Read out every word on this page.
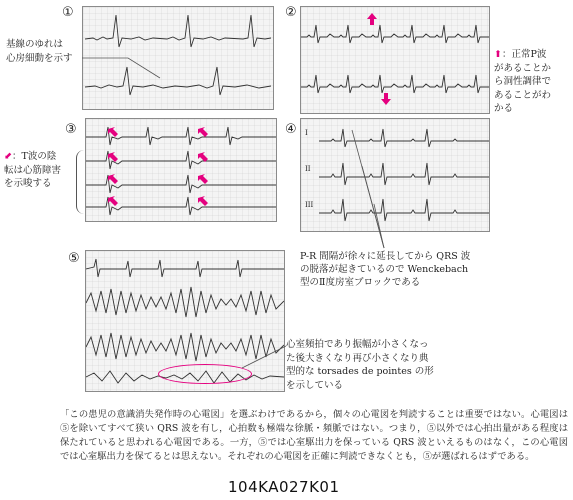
①
基線のゆれは
心房細動を示す
②
⬆︎：正常P波
があることか
ら洞性調律で
あることがわ
かる
③
⬋：T波の陰
転は心筋障害
を示唆する
④ I
II
III
P-R 間隔が徐々に延長してから QRS 波
の脱落が起きているので Wenckebach
型のⅡ度房室ブロックである
⑤
心室頻拍であり振幅が小さくなっ
た後大きくなり再び小さくなり典
型的な torsades de pointes の形
を示している
「この患児の意識消失発作時の心電図」を選ぶわけであるから，個々の心電図を判読することは重要ではない。心電図は⑤を除いてすべて狭い QRS 波を有し，心拍数も極端な徐脈・頻脈ではない。つまり，⑤以外では心拍出量がある程度は保たれていると思われる心電図である。一方，⑤では心室駆出力を保っている QRS 波といえるものはなく，この心電図では心室駆出力を保てるとは思えない。それぞれの心電図を正確に判読できなくとも，⑤が選ばれるはずである。
104KA027K01
